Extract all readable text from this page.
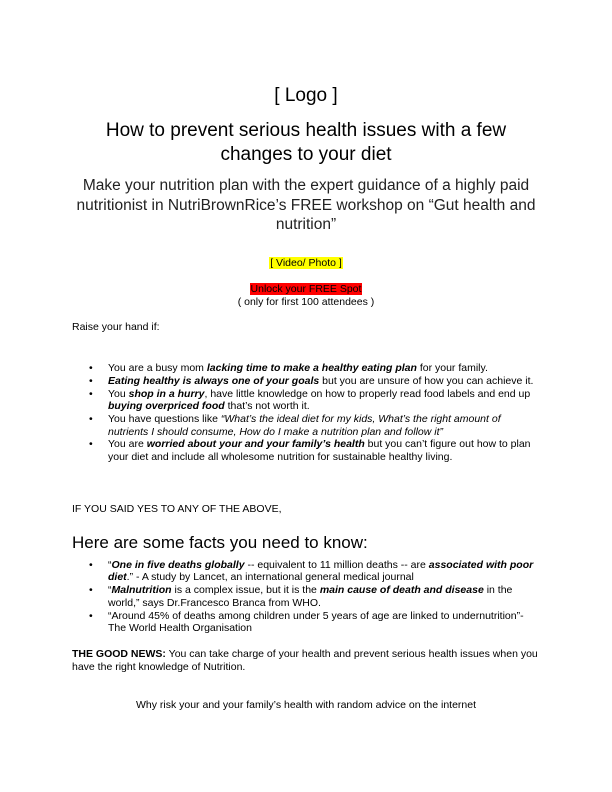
[ Logo ]
How to prevent serious health issues with a few changes to your diet
Make your nutrition plan with the expert guidance of a highly paid nutritionist in NutriBrownRice’s FREE workshop on “Gut health and nutrition”
[ Video/ Photo ]
Unlock your FREE Spot
( only for first 100 attendees )
Raise your hand if:
• You are a busy mom lacking time to make a healthy eating plan for your family.
• Eating healthy is always one of your goals but you are unsure of how you can achieve it.
• You shop in a hurry, have little knowledge on how to properly read food labels and end up buying overpriced food that’s not worth it.
• You have questions like “What’s the ideal diet for my kids, What’s the right amount of nutrients I should consume, How do I make a nutrition plan and follow it”
• You are worried about your and your family’s health but you can’t figure out how to plan your diet and include all wholesome nutrition for sustainable healthy living.
IF YOU SAID YES TO ANY OF THE ABOVE,
Here are some facts you need to know:
• “One in five deaths globally -- equivalent to 11 million deaths -- are associated with poor diet.” - A study by Lancet, an international general medical journal
• “Malnutrition is a complex issue, but it is the main cause of death and disease in the world,” says Dr.Francesco Branca from WHO.
• “Around 45% of deaths among children under 5 years of age are linked to undernutrition”- The World Health Organisation
THE GOOD NEWS: You can take charge of your health and prevent serious health issues when you have the right knowledge of Nutrition.
Why risk your and your family’s health with random advice on the internet
